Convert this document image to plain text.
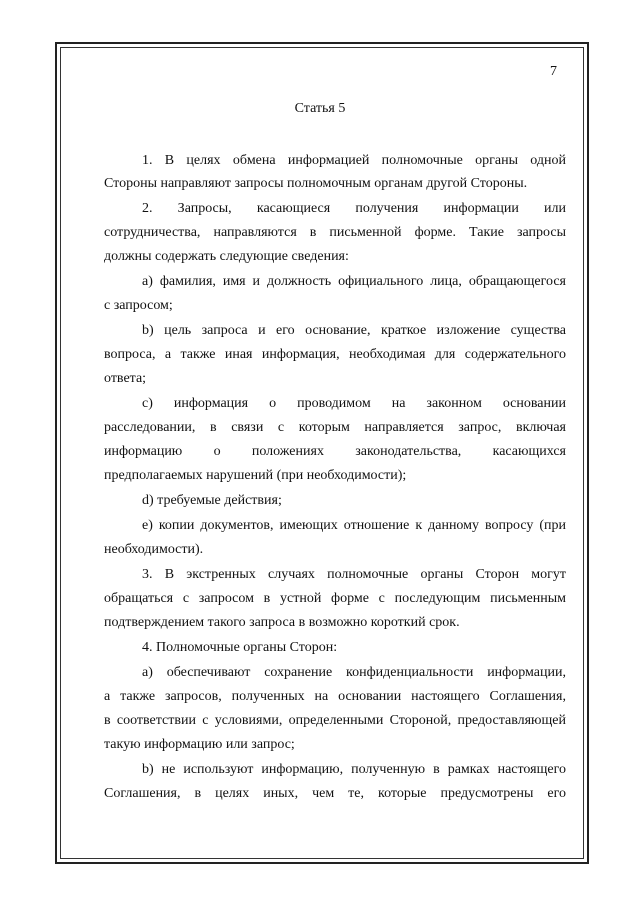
7
Статья 5
1. В целях обмена информацией полномочные органы одной
Стороны направляют запросы полномочным органам другой Стороны.
2. Запросы, касающиеся получения информации или
сотрудничества, направляются в письменной форме. Такие запросы
должны содержать следующие сведения:
а) фамилия, имя и должность официального лица, обращающегося
с запросом;
b) цель запроса и его основание, краткое изложение существа
вопроса, а также иная информация, необходимая для содержательного
ответа;
c) информация о проводимом на законном основании
расследовании, в связи с которым направляется запрос, включая
информацию о положениях законодательства, касающихся
предполагаемых нарушений (при необходимости);
d) требуемые действия;
e) копии документов, имеющих отношение к данному вопросу (при
необходимости).
3. В экстренных случаях полномочные органы Сторон могут
обращаться с запросом в устной форме с последующим письменным
подтверждением такого запроса в возможно короткий срок.
4. Полномочные органы Сторон:
а) обеспечивают сохранение конфиденциальности информации,
а также запросов, полученных на основании настоящего Соглашения,
в соответствии с условиями, определенными Стороной, предоставляющей
такую информацию или запрос;
b) не используют информацию, полученную в рамках настоящего
Соглашения, в целях иных, чем те, которые предусмотрены его
